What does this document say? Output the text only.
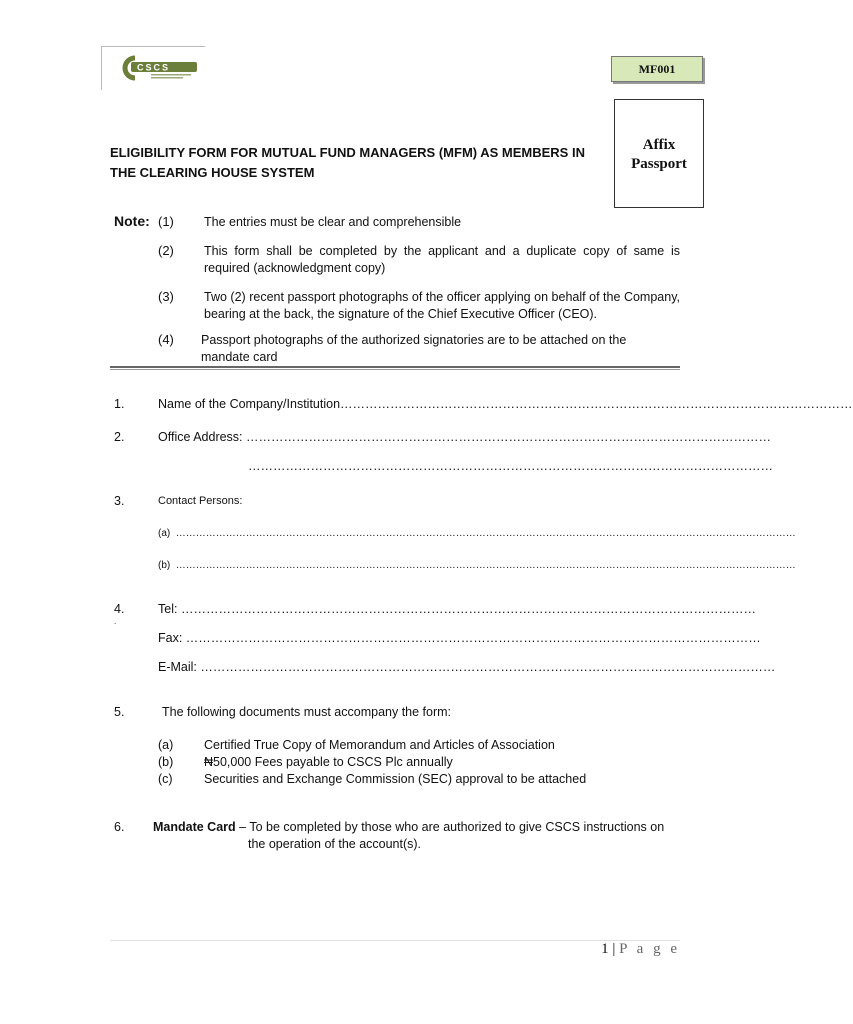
CSCS	MF001
Affix
Passport
ELIGIBILITY FORM FOR MUTUAL FUND MANAGERS (MFM) AS MEMBERS IN THE CLEARING HOUSE SYSTEM
Note: (1) The entries must be clear and comprehensible
(2) This form shall be completed by the applicant and a duplicate copy of same is required (acknowledgment copy)
(3) Two (2) recent passport photographs of the officer applying on behalf of the Company, bearing at the back, the signature of the Chief Executive Officer (CEO).
(4) Passport photographs of the authorized signatories are to be attached on the mandate card
1.	Name of the Company/Institution……………………………………………………………………………………………………………
2.	Office Address: ………………………………………………………………………………………………………………
………………………………………………………………………………………………………………
3.	Contact Persons:
(a) ……………………………………………………………………………………………………………………………………………………………………
(b) ……………………………………………………………………………………………………………………………………………………………………
4.
.
Tel: …………………………………………………………………………………………………………………………
Fax: …………………………………………………………………………………………………………………………
E-Mail: …………………………………………………………………………………………………………………………
5.	The following documents must accompany the form:
(a) Certified True Copy of Memorandum and Articles of Association
(b) ₦50,000 Fees payable to CSCS Plc annually
(c)	Securities and Exchange Commission (SEC) approval to be attached
6. Mandate Card – To be completed by those who are authorized to give CSCS instructions on
the operation of the account(s).
1 | P a g e
